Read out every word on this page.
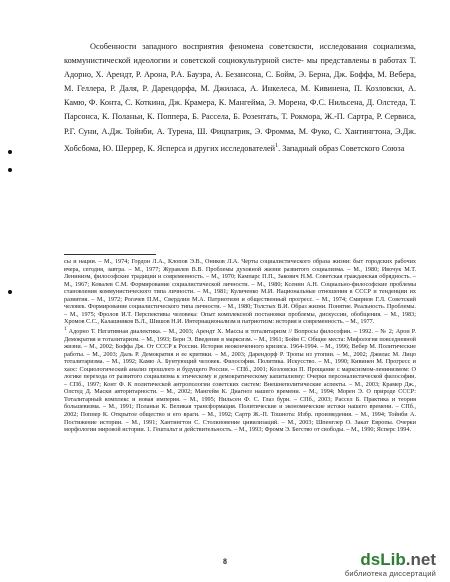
Особенности западного восприятия феномена советскости, исследования социализма, коммунистической идеологии и советской социокультурной систе- мы представлены в работах Т. Адорно, Х. Арендт, Р. Арона, Р.А. Бауэра, А. Безансона, С. Бойм, Э. Берна, Дж. Боффа, М. Вебера, М. Геллера, Р. Даля, Р. Дарендорфа, М. Джиласа, А. Инкелеса, М. Кивиненa, П. Козловски, А. Камю, Ф. Конта, С. Коткина, Дж. Крамера, К. Мангейма, Э. Морена, Ф.С. Нильсена, Д. Олстеда, Т. Парсонса, К. Поланьи, К. Поппера, Б. Рассела, Б. Розентать, Т. Рокмора, Ж.-П. Сартра, Р. Сервиса, Р.Г. Суни, А.Дж. Тойнби, А. Турена, Ш. Фицпатрик, Э. Фромма, М. Фуко, С. Хантингтона, Э.Дж. Хобсбома, Ю. Шеррер, К. Ясперса и других исследователей$^1$. Западный образ Советского Союза

сы и нации. – М., 1974; Гордон Л.А., Клопов Э.В., Оников Л.А. Черты социалистического образа жизни: быт городских рабочих вчера, сегодня, завтра. – М., 1977; Журавлев В.В. Проблемы духовной жизни развитого социализма. – М., 1980; Ивочук М.Т. Ленинизм, философские традиции и современность. – М., 1970; Кампарс П.П., Закович Н.М. Советская гражданская обрядность. – М., 1967; Ковалев С.М. Формирование социалистической личности. – М., 1980; Ксенин А.Н. Социально-философские проблемы становления коммунистического типа личности. – М., 1981; Куличенко М.И. Национальные отношения в СССР и тенденции их развития. – М., 1972; Рогачев П.М., Свердлин М.А. Патриотизм и общественный прогресс. – М., 1974; Смирнов Г.Л. Советский человек. Формирование социалистического типа личности. – М., 1980; Толстых В.И. Образ жизни. Понятие. Реальность. Проблемы. – М., 1975; Фролов И.Т. Перспективы человека: Опыт комплексной постановки проблемы, дискуссии, обобщения. – М., 1983; Хромов С.С., Калашников В.Л., Шишов Н.И. Интернационализм и патриотизм: история и современность. – М., 1977.

$^1$ Адорно Т. Негативная диалектика. – М., 2003; Арендт Х. Массы и тоталитаризм // Вопросы философии. – 1992. – № 2; Арон Р. Демократия и тоталитаризм. – М., 1993; Берн Э. Введение в марксизм. – М., 1961; Бойм С. Общие места: Мифология повседневной жизни. – М., 2002; Боффа Дж. От СССР к России. История неоконченного кризиса. 1964-1994. – М., 1996; Вебер М. Политические работы. – М., 2003; Даль Р. Демократия и ее критики. – М., 2003; Дарендорф Р. Тропы из утопии. – М., 2002; Джилас М. Лицо тоталитаризма. – М., 1992; Камю А. Бунтующий человек. Философия. Политика. Искусство. – М., 1990; Кивинен М. Прогресс и хаос: Социологический анализ прошлого и будущего России. – СПб., 2001; Козловски П. Прощание с марксизмом-ленинизмом: О логике перехода от развитого социализма к этическому и демократическому капитализму: Очерки персоналистической философии. – СПб., 1997; Конт Ф. К политической антропологии советских систем: Внешнеполитические аспекты. – М., 2003; Крамер Дж., Олстед Д. Маски авторитарности. – М., 2002; Мангейм К. Диагноз нашего времени. – М., 1994; Морен Э. О природе СССР: Тоталитарный комплекс и новая империя. – М., 1995; Нильсен Ф. С. Глаз бури. – СПб., 2003; Рассел Б. Практика и теория большевизма. – М., 1991; Поланьи К. Великая трансформация. Политические и экономические истоки нашего времени. – СПб., 2002; Поппер К. Открытое общество и его враги. – М., 1992; Сартр Ж.-П. Тошнота: Избр. произведения. – М., 1994; Тойнби А. Постижение истории. – М., 1991; Хантингтон С. Столкновение цивилизаций. – М., 2003; Шпенглер О. Закат Европы. Очерки морфологии мировой истории. 1. Гештальт и действительность. – М., 1993; Фромм Э. Бегство от свободы. – М., 1990; Ясперс 1994.

8	dsLib.net
библиотека диссертаций
